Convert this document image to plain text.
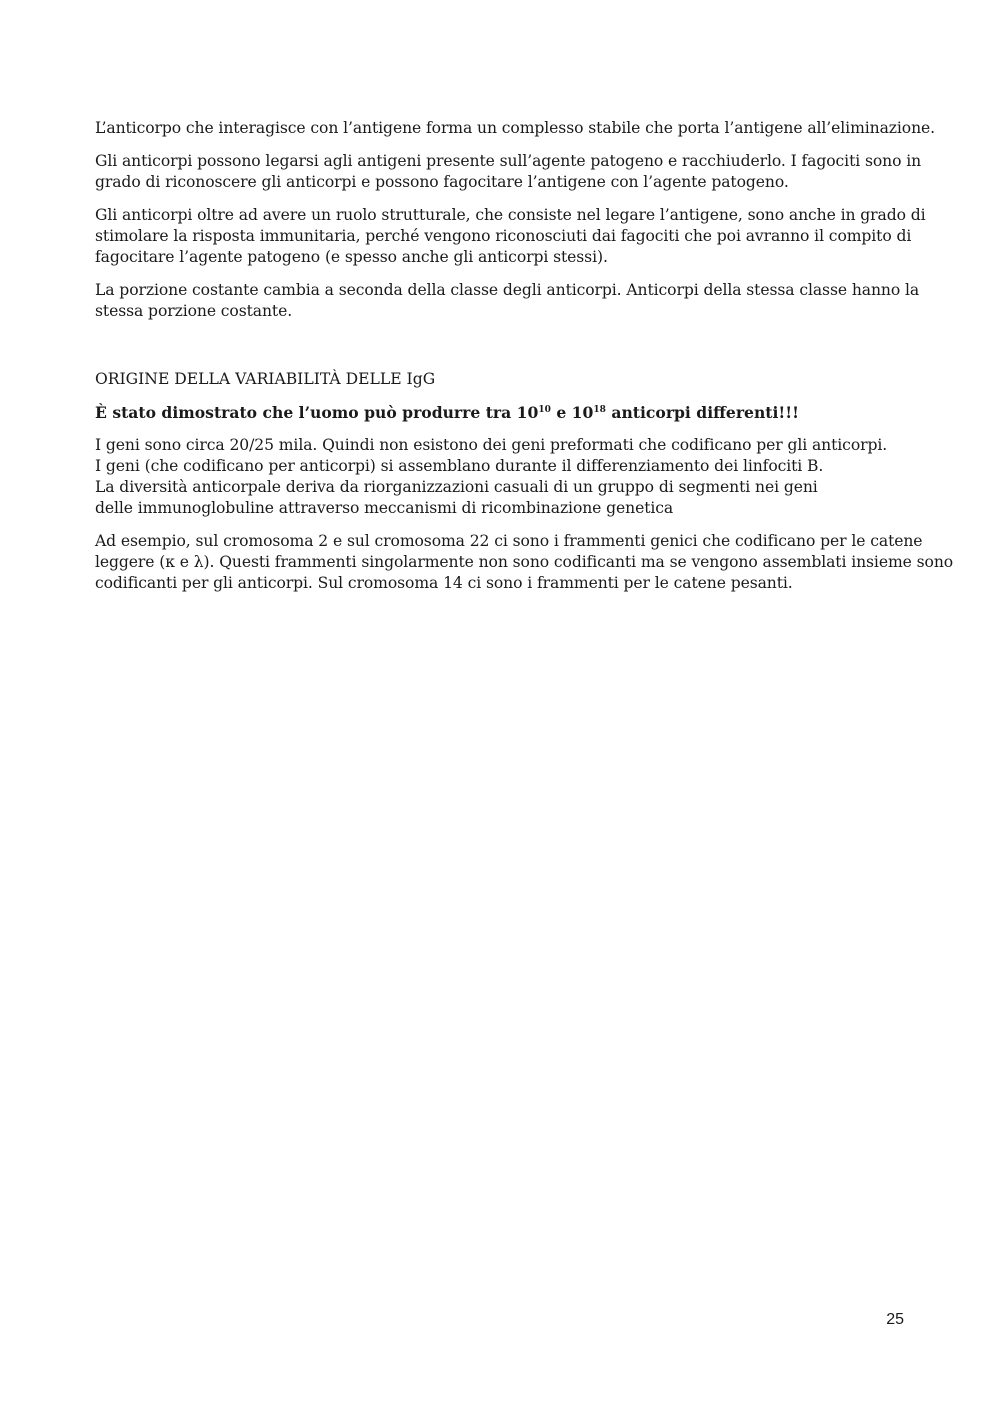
L’anticorpo che interagisce con l’antigene forma un complesso stabile che porta l’antigene all’eliminazione.

Gli anticorpi possono legarsi agli antigeni presente sull’agente patogeno e racchiuderlo. I fagociti sono in
grado di riconoscere gli anticorpi e possono fagocitare l’antigene con l’agente patogeno.

Gli anticorpi oltre ad avere un ruolo strutturale, che consiste nel legare l’antigene, sono anche in grado di
stimolare la risposta immunitaria, perché vengono riconosciuti dai fagociti che poi avranno il compito di
fagocitare l’agente patogeno (e spesso anche gli anticorpi stessi).

La porzione costante cambia a seconda della classe degli anticorpi. Anticorpi della stessa classe hanno la
stessa porzione costante.

ORIGINE DELLA VARIABILITÀ DELLE IgG

È stato dimostrato che l’uomo può produrre tra $10^{10}$ e $10^{18}$ anticorpi differenti!!!

I geni sono circa 20/25 mila. Quindi non esistono dei geni preformati che codificano per gli anticorpi.
I geni (che codificano per anticorpi) si assemblano durante il differenziamento dei linfociti B.
La diversità anticorpale deriva da riorganizzazioni casuali di un gruppo di segmenti nei geni
delle immunoglobuline attraverso meccanismi di ricombinazione genetica

Ad esempio, sul cromosoma 2 e sul cromosoma 22 ci sono i frammenti genici che codificano per le catene
leggere (κ e λ). Questi frammenti singolarmente non sono codificanti ma se vengono assemblati insieme sono
codificanti per gli anticorpi. Sul cromosoma 14 ci sono i frammenti per le catene pesanti.

25
